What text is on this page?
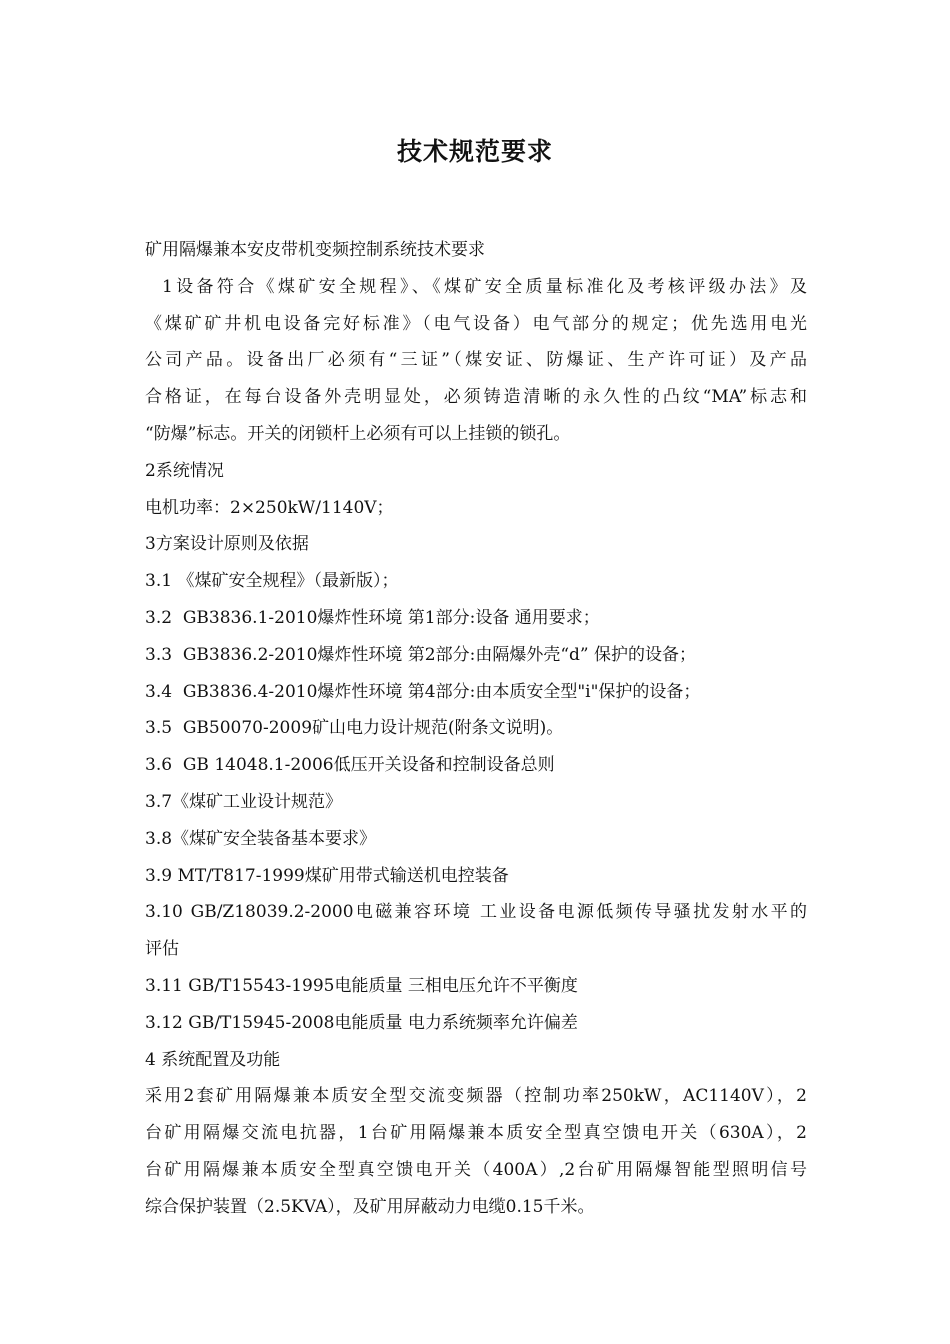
技术规范要求
矿用隔爆兼本安皮带机变频控制系统技术要求
1设备符合《煤矿安全规程》、《煤矿安全质量标准化及考核评级办法》及
《煤矿矿井机电设备完好标准》（电气设备）电气部分的规定；优先选用电光
公司产品。设备出厂必须有“三证”（煤安证、防爆证、生产许可证）及产品
合格证，在每台设备外壳明显处，必须铸造清晰的永久性的凸纹“MA”标志和
“防爆”标志。开关的闭锁杆上必须有可以上挂锁的锁孔。
2系统情况
电机功率：2×250kW/1140V；
3方案设计原则及依据
3.1 《煤矿安全规程》（最新版）；
3.2  GB3836.1-2010爆炸性环境 第1部分:设备 通用要求；
3.3  GB3836.2-2010爆炸性环境 第2部分:由隔爆外壳“d” 保护的设备；
3.4  GB3836.4-2010爆炸性环境 第4部分:由本质安全型"i"保护的设备；
3.5  GB50070-2009矿山电力设计规范(附条文说明)。
3.6  GB 14048.1-2006低压开关设备和控制设备总则
3.7《煤矿工业设计规范》
3.8《煤矿安全装备基本要求》
3.9 MT/T817-1999煤矿用带式输送机电控装备
3.10 GB/Z18039.2-2000电磁兼容环境 工业设备电源低频传导骚扰发射水平的
评估
3.11 GB/T15543-1995电能质量 三相电压允许不平衡度
3.12 GB/T15945-2008电能质量 电力系统频率允许偏差
4 系统配置及功能
采用2套矿用隔爆兼本质安全型交流变频器（控制功率250kW，AC1140V），2
台矿用隔爆交流电抗器，1台矿用隔爆兼本质安全型真空馈电开关（630A），2
台矿用隔爆兼本质安全型真空馈电开关（400A）,2台矿用隔爆智能型照明信号
综合保护装置（2.5KVA），及矿用屏蔽动力电缆0.15千米。
